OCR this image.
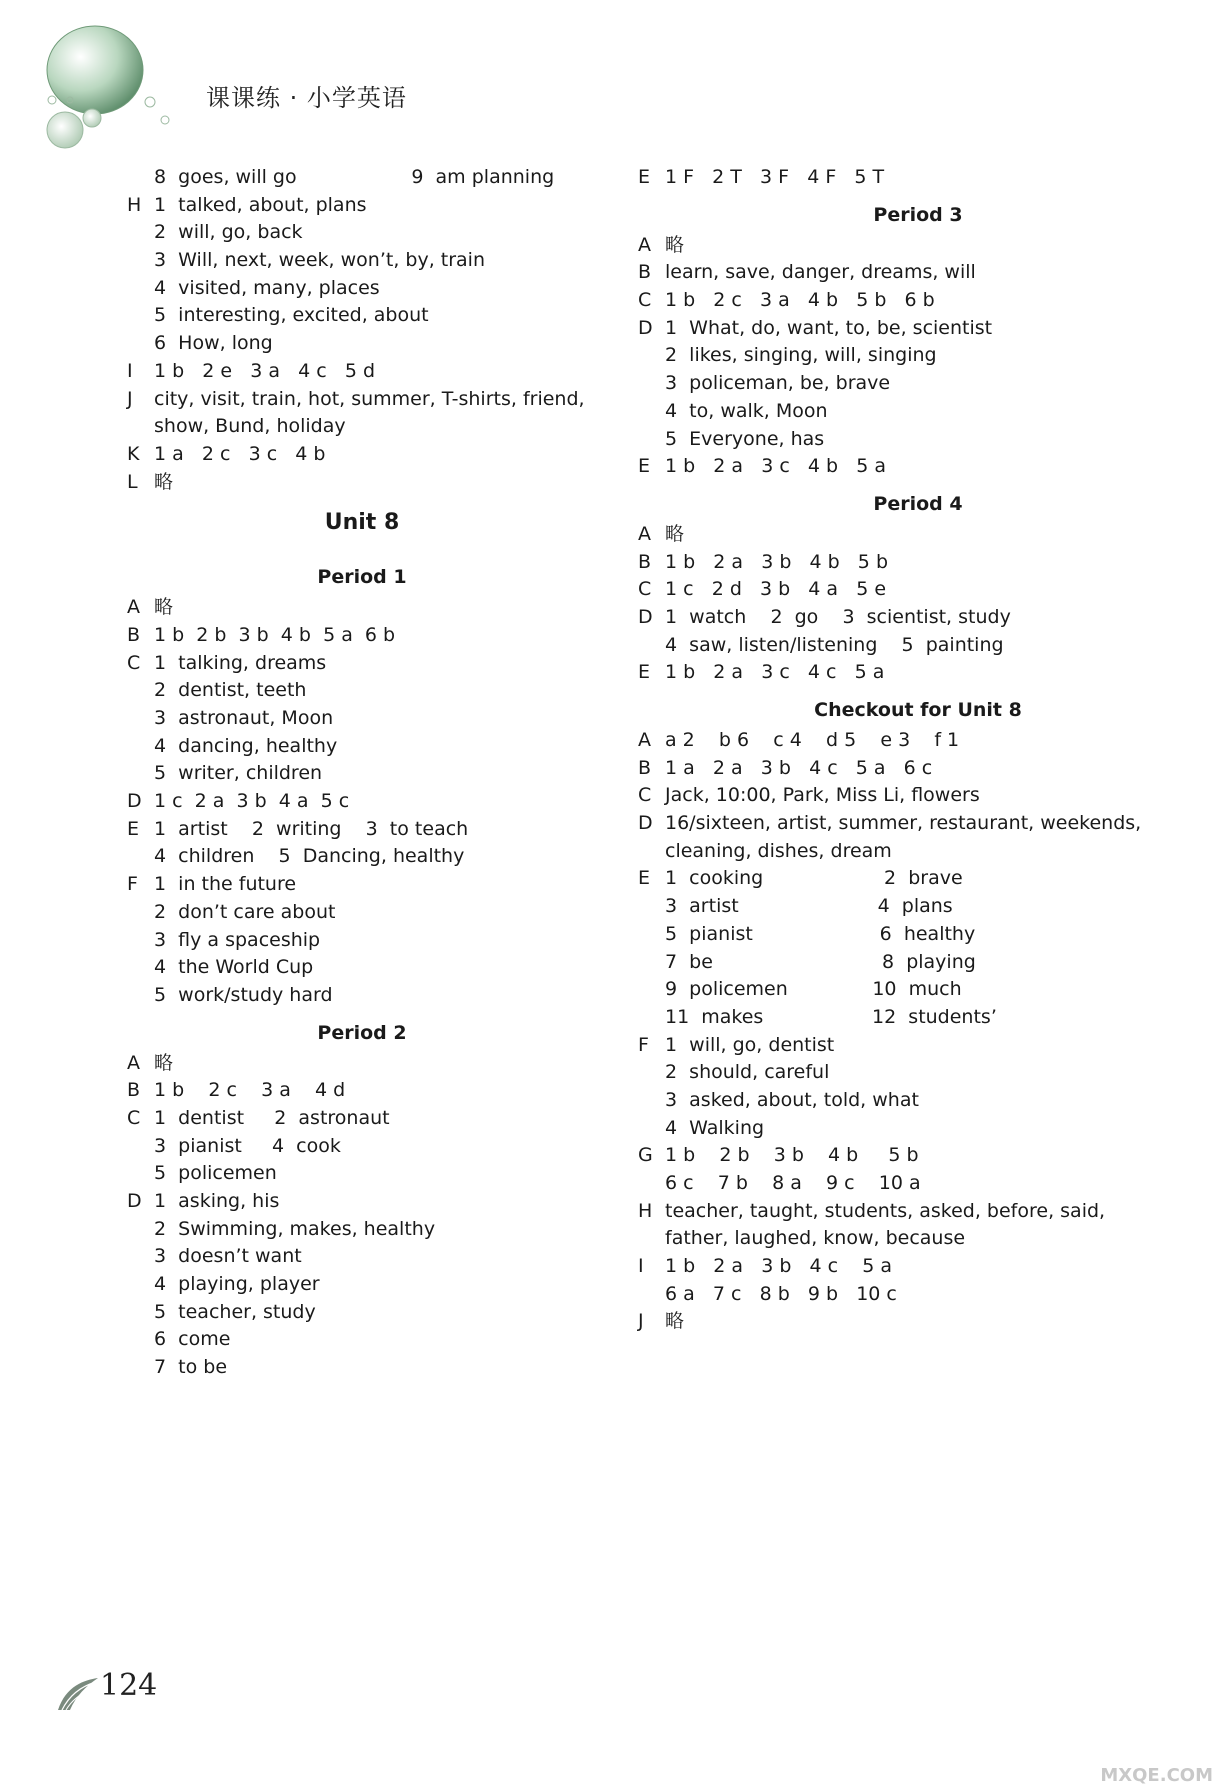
课课练 · 小学英语
8  goes, will go                   9  am planning
H 1  talked, about, plans
2  will, go, back
3  Will, next, week, won’t, by, train
4  visited, many, places
5  interesting, excited, about
6  How, long
I	1 b   2 e   3 a   4 c   5 d
J	city, visit, train, hot, summer, T-shirts, friend,
show, Bund, holiday
K 1 a   2 c   3 c   4 b
L 略
Unit 8
Period 1
A 略
B 1 b  2 b  3 b  4 b  5 a  6 b
C 1  talking, dreams
2  dentist, teeth
3  astronaut, Moon
4  dancing, healthy
5  writer, children
D 1 c  2 a  3 b  4 a  5 c
E 1  artist    2  writing    3  to teach
4  children    5  Dancing, healthy
F 1  in the future
2  don’t care about
3  fly a spaceship
4  the World Cup
5  work/study hard
Period 2
A 略
B 1 b    2 c    3 a    4 d
C 1  dentist     2  astronaut
3  pianist     4  cook
5  policemen
D 1  asking, his
2  Swimming, makes, healthy
3  doesn’t want
4  playing, player
5  teacher, study
6  come
7  to be
E 1 F   2 T   3 F   4 F   5 T
Period 3
A 略
B learn, save, danger, dreams, will
C 1 b   2 c   3 a   4 b   5 b   6 b
D 1  What, do, want, to, be, scientist
2  likes, singing, will, singing
3  policeman, be, brave
4  to, walk, Moon
5  Everyone, has
E 1 b   2 a   3 c   4 b   5 a
Period 4
A 略
B 1 b   2 a   3 b   4 b   5 b
C 1 c   2 d   3 b   4 a   5 e
D 1  watch    2  go    3  scientist, study
4  saw, listen/listening    5  painting
E 1 b   2 a   3 c   4 c   5 a
Checkout for Unit 8
A a 2    b 6    c 4    d 5    e 3    f 1
B 1 a   2 a   3 b   4 c   5 a   6 c
C Jack, 10:00, Park, Miss Li, flowers
D 16/sixteen, artist, summer, restaurant, weekends,
cleaning, dishes, dream
E 1  cooking                    2  brave
3  artist                       4  plans
5  pianist                     6  healthy
7  be                            8  playing
9  policemen              10  much
11  makes                  12  students’
F 1  will, go, dentist
2  should, careful
3  asked, about, told, what
4  Walking
G 1 b    2 b    3 b    4 b     5 b
6 c    7 b    8 a    9 c    10 a
H teacher, taught, students, asked, before, said,
father, laughed, know, because
I	1 b   2 a   3 b   4 c    5 a
6 a   7 c   8 b   9 b   10 c
J	略
124
MXQE.COM
